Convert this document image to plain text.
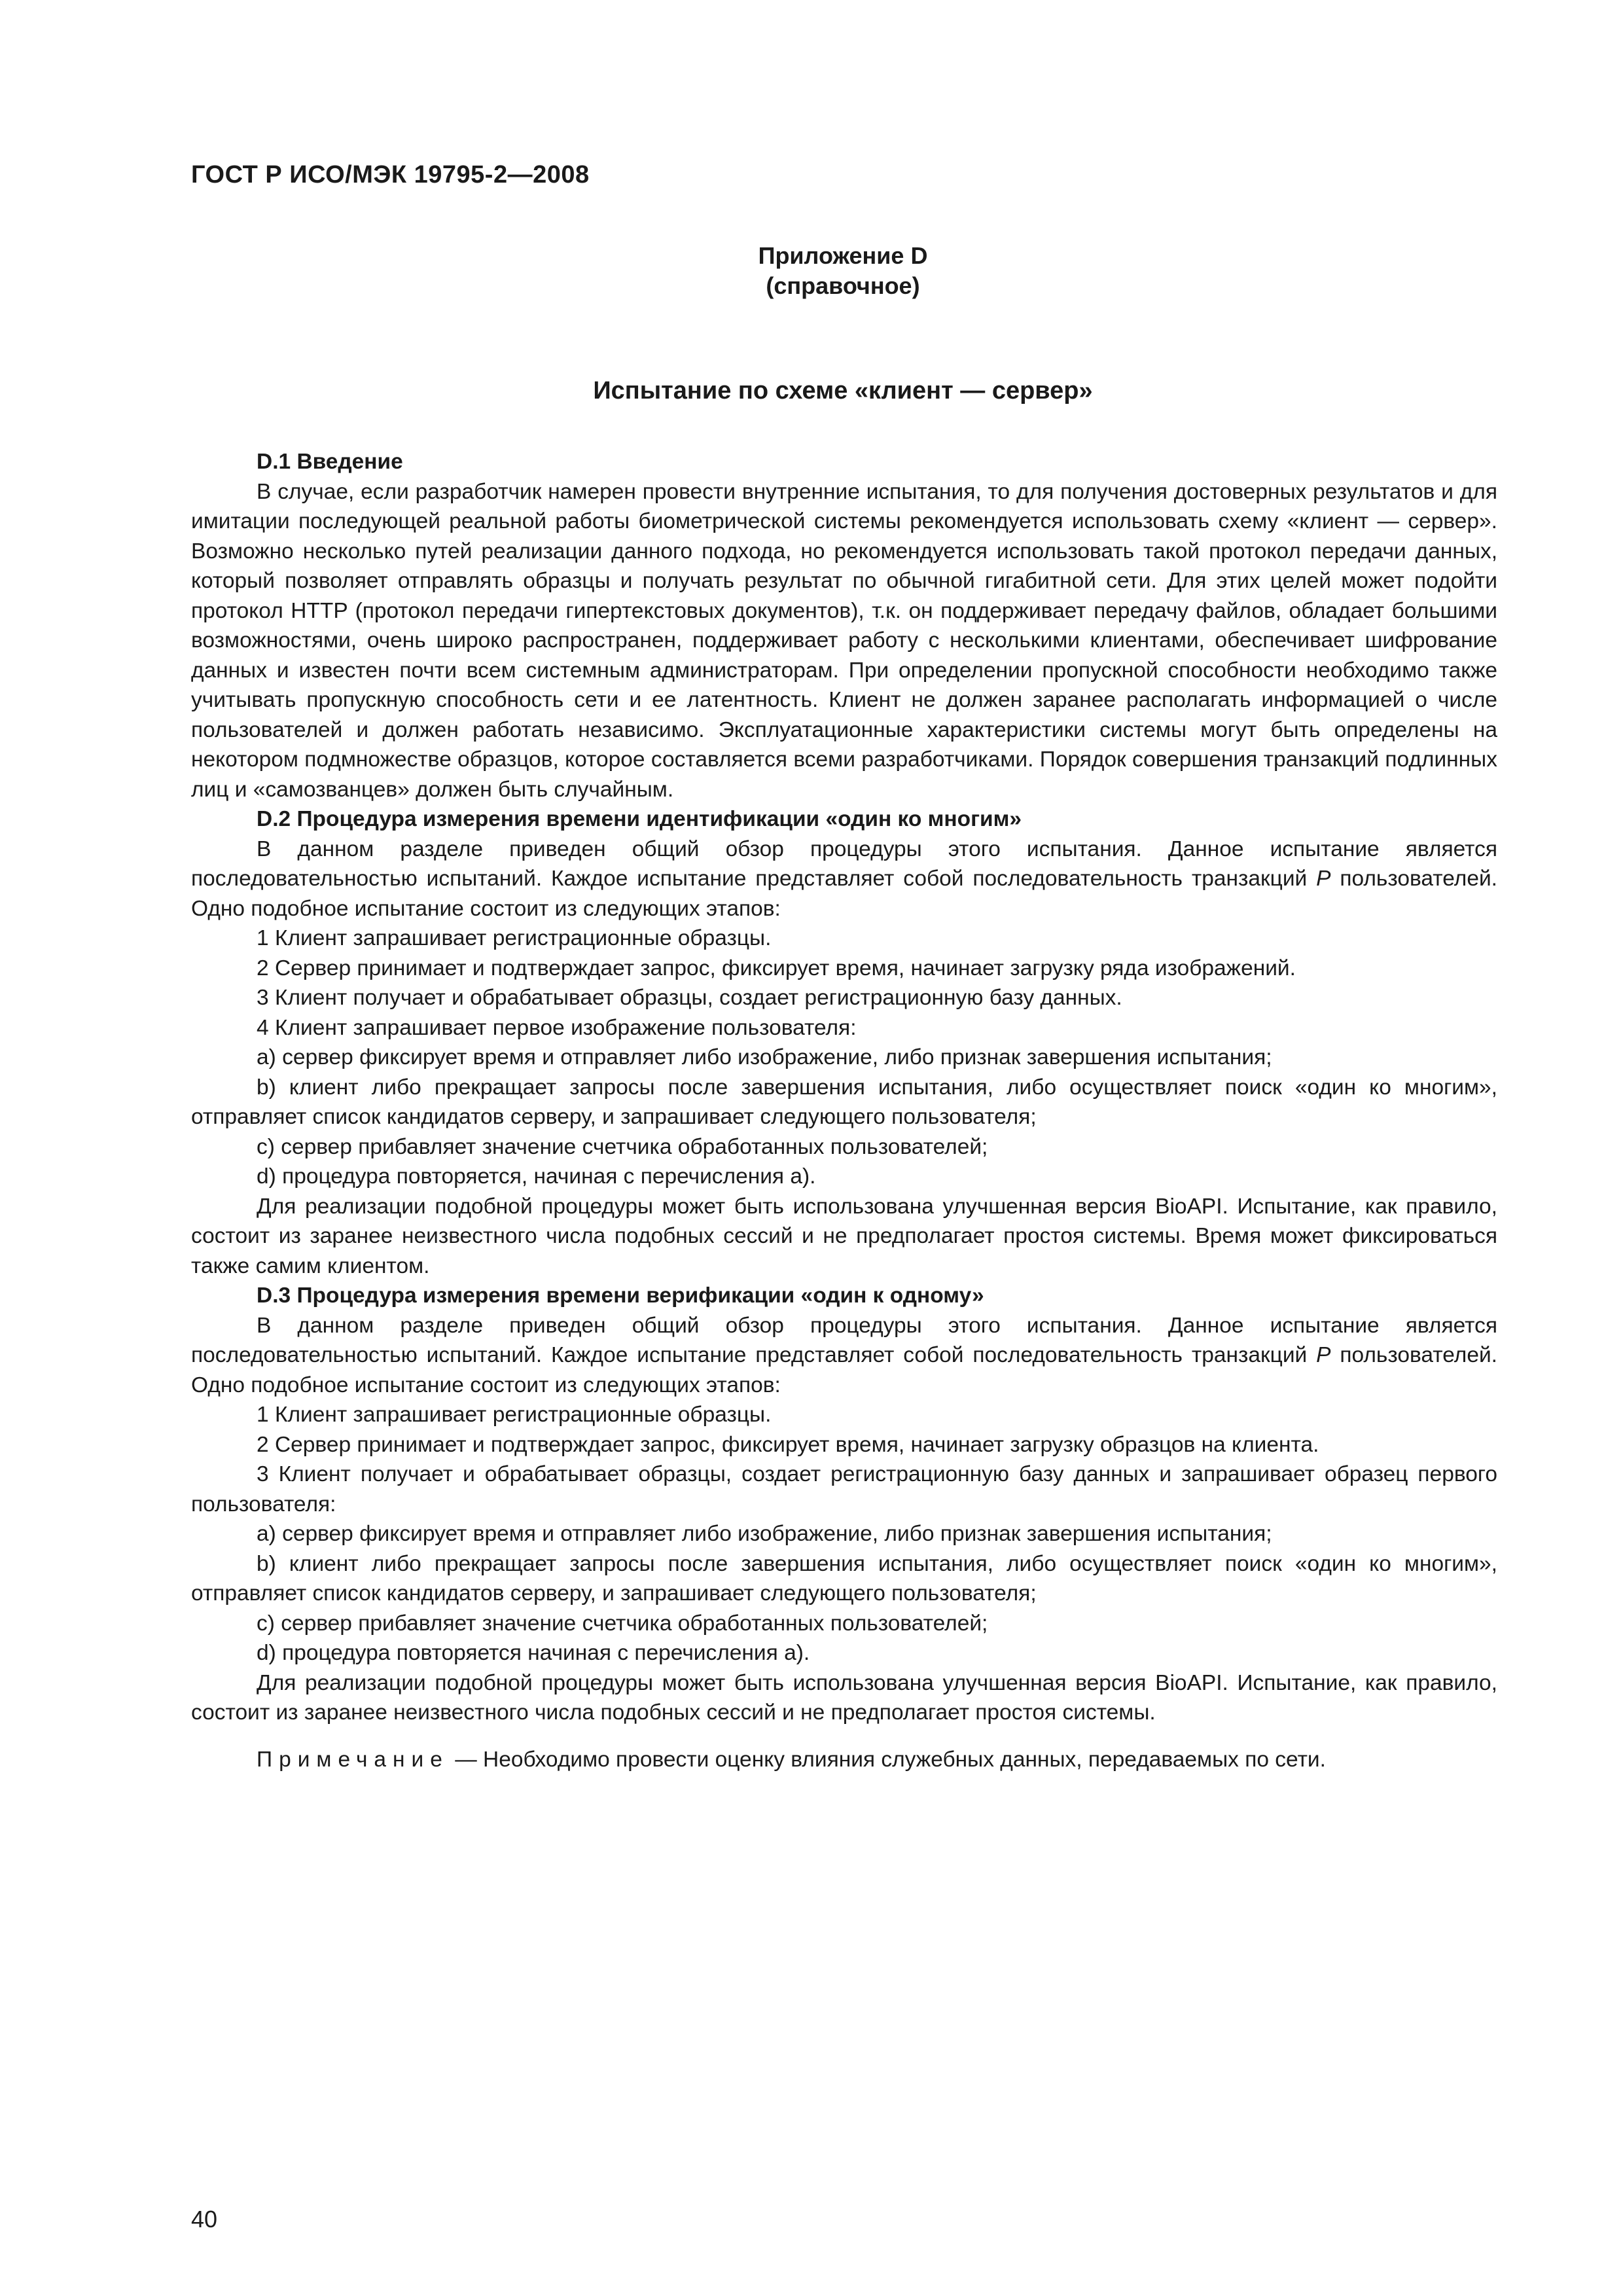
ГОСТ Р ИСО/МЭК 19795-2—2008
Приложение D
(справочное)
Испытание по схеме «клиент — сервер»

D.1 Введение

В случае, если разработчик намерен провести внутренние испытания, то для получения достоверных результатов и для имитации последующей реальной работы биометрической системы рекомендуется использовать схему «клиент — сервер». Возможно несколько путей реализации данного подхода, но рекомендуется использовать такой протокол передачи данных, который позволяет отправлять образцы и получать результат по обычной гигабитной сети. Для этих целей может подойти протокол HTTP (протокол передачи гипертекстовых документов), т.к. он поддерживает передачу файлов, обладает большими возможностями, очень широко распространен, поддерживает работу с несколькими клиентами, обеспечивает шифрование данных и известен почти всем системным администраторам. При определении пропускной способности необходимо также учитывать пропускную способность сети и ее латентность. Клиент не должен заранее располагать информацией о числе пользователей и должен работать независимо. Эксплуатационные характеристики системы могут быть определены на некотором подмножестве образцов, которое составляется всеми разработчиками. Порядок совершения транзакций подлинных лиц и «самозванцев» должен быть случайным.

D.2 Процедура измерения времени идентификации «один ко многим»

В данном разделе приведен общий обзор процедуры этого испытания. Данное испытание является последовательностью испытаний. Каждое испытание представляет собой последовательность транзакций P пользователей. Одно подобное испытание состоит из следующих этапов:

1 Клиент запрашивает регистрационные образцы.

2 Сервер принимает и подтверждает запрос, фиксирует время, начинает загрузку ряда изображений.

3 Клиент получает и обрабатывает образцы, создает регистрационную базу данных.

4 Клиент запрашивает первое изображение пользователя:

a) сервер фиксирует время и отправляет либо изображение, либо признак завершения испытания;

b) клиент либо прекращает запросы после завершения испытания, либо осуществляет поиск «один ко многим», отправляет список кандидатов серверу, и запрашивает следующего пользователя;

c) сервер прибавляет значение счетчика обработанных пользователей;

d) процедура повторяется, начиная с перечисления а).

Для реализации подобной процедуры может быть использована улучшенная версия BioAPI. Испытание, как правило, состоит из заранее неизвестного числа подобных сессий и не предполагает простоя системы. Время может фиксироваться также самим клиентом.

D.3 Процедура измерения времени верификации «один к одному»

В данном разделе приведен общий обзор процедуры этого испытания. Данное испытание является последовательностью испытаний. Каждое испытание представляет собой последовательность транзакций P пользователей. Одно подобное испытание состоит из следующих этапов:

1 Клиент запрашивает регистрационные образцы.

2 Сервер принимает и подтверждает запрос, фиксирует время, начинает загрузку образцов на клиента.

3 Клиент получает и обрабатывает образцы, создает регистрационную базу данных и запрашивает образец первого пользователя:

a) сервер фиксирует время и отправляет либо изображение, либо признак завершения испытания;

b) клиент либо прекращает запросы после завершения испытания, либо осуществляет поиск «один ко многим», отправляет список кандидатов серверу, и запрашивает следующего пользователя;

c) сервер прибавляет значение счетчика обработанных пользователей;

d) процедура повторяется начиная с перечисления а).

Для реализации подобной процедуры может быть использована улучшенная версия BioAPI. Испытание, как правило, состоит из заранее неизвестного числа подобных сессий и не предполагает простоя системы.

Примечание — Необходимо провести оценку влияния служебных данных, передаваемых по сети.

40
